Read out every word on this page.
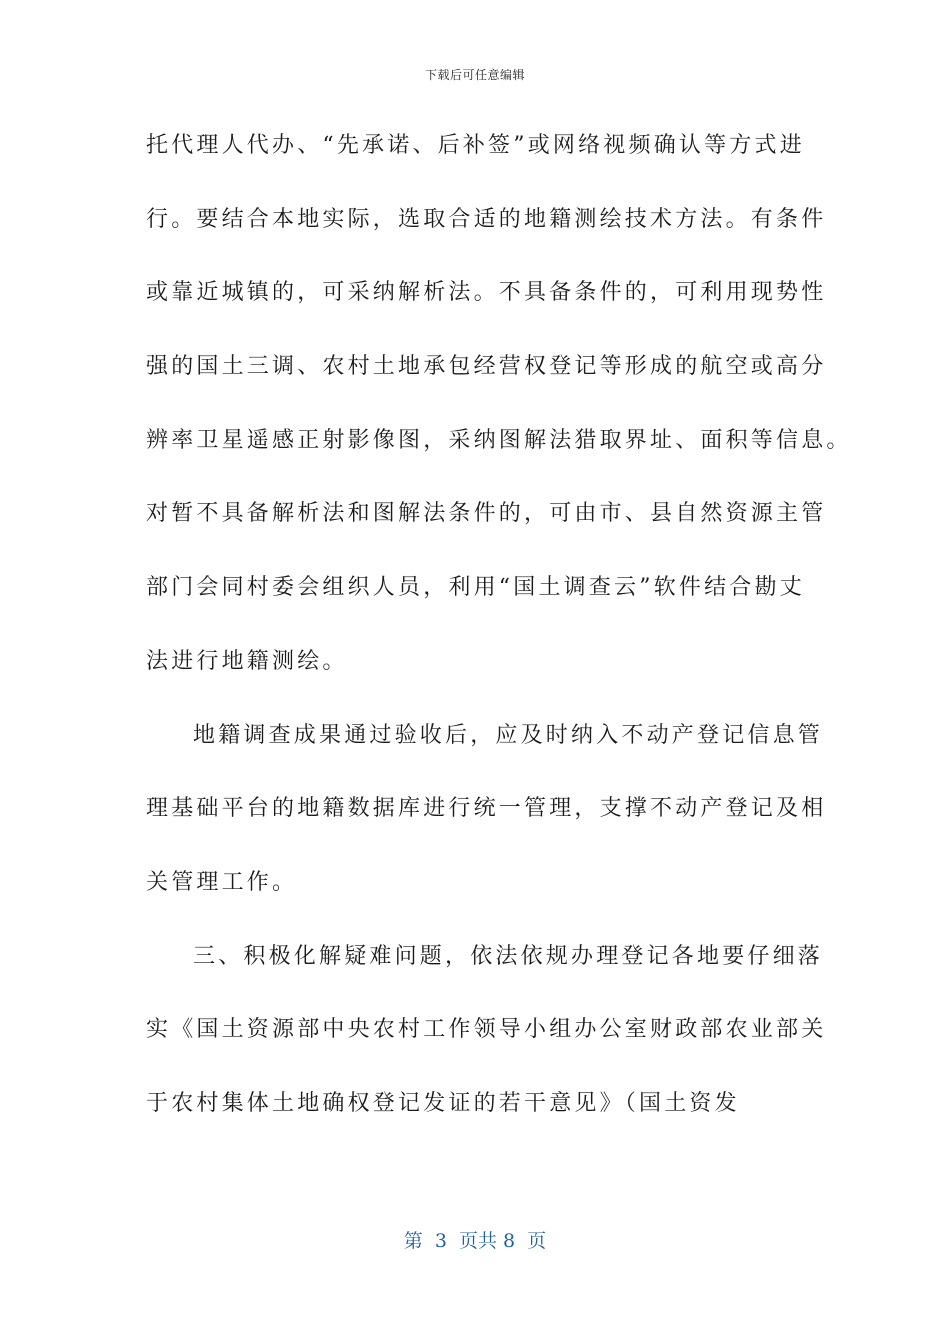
下载后可任意编辑
托代理人代办、“先承诺、后补签”或网络视频确认等方式进
行。要结合本地实际，选取合适的地籍测绘技术方法。有条件
或靠近城镇的，可采纳解析法。不具备条件的，可利用现势性
强的国土三调、农村土地承包经营权登记等形成的航空或高分
辨率卫星遥感正射影像图，采纳图解法猎取界址、面积等信息。
对暂不具备解析法和图解法条件的，可由市、县自然资源主管
部门会同村委会组织人员，利用“国土调查云”软件结合勘丈
法进行地籍测绘。
地籍调查成果通过验收后，应及时纳入不动产登记信息管
理基础平台的地籍数据库进行统一管理，支撑不动产登记及相
关管理工作。
三、积极化解疑难问题，依法依规办理登记各地要仔细落
实《国土资源部中央农村工作领导小组办公室财政部农业部关
于农村集体土地确权登记发证的若干意见》（国土资发
第  3  页共 8  页
